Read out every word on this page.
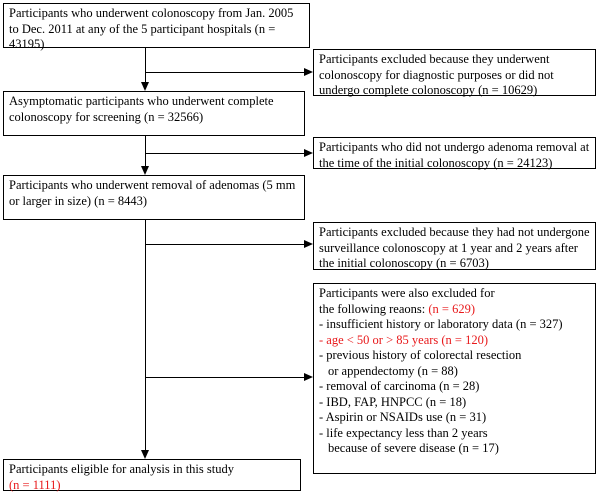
Participants who underwent colonoscopy from Jan. 2005 to Dec. 2011 at any of the 5 participant hospitals (n = 43195)
Asymptomatic participants who underwent complete colonoscopy for screening (n = 32566)
Participants who underwent removal of adenomas (5 mm or larger in size) (n = 8443)
Participants eligible for analysis in this study
(n = 1111)
Participants excluded because they underwent colonoscopy for diagnostic purposes or did not undergo complete colonoscopy (n = 10629)
Participants who did not undergo adenoma removal at the time of the initial colonoscopy (n = 24123)
Participants excluded because they had not undergone surveillance colonoscopy at 1 year and 2 years after the initial colonoscopy (n = 6703)
Participants were also excluded for
the following reaons: (n = 629)
- insufficient history or laboratory data (n = 327)
- age < 50 or > 85 years (n = 120)
- previous history of colorectal resection
or appendectomy (n = 88)
- removal of carcinoma (n = 28)
- IBD, FAP, HNPCC (n = 18)
- Aspirin or NSAIDs use (n = 31)
- life expectancy less than 2 years
because of severe disease (n = 17)
